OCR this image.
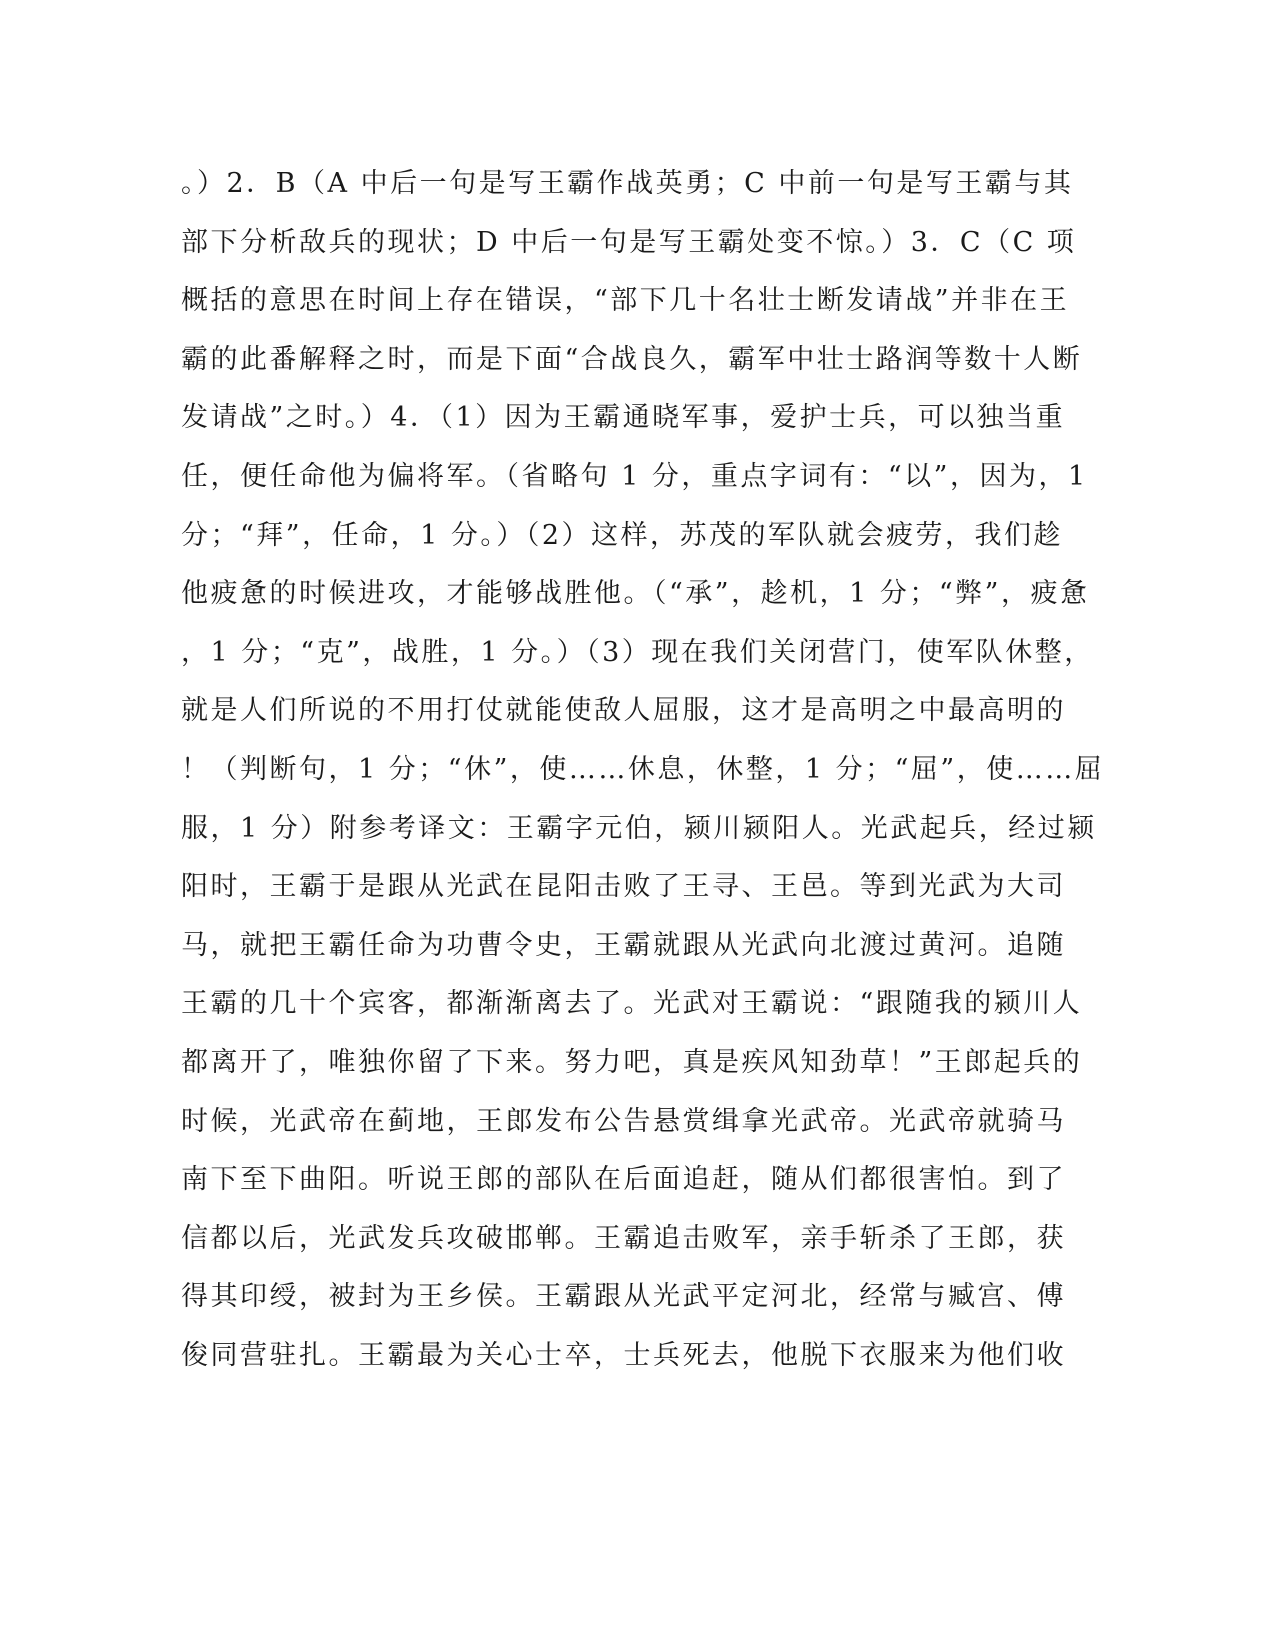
。）2．B（A 中后一句是写王霸作战英勇；C 中前一句是写王霸与其
部下分析敌兵的现状；D 中后一句是写王霸处变不惊。）3．C（C 项
概括的意思在时间上存在错误，“部下几十名壮士断发请战”并非在王
霸的此番解释之时，而是下面“合战良久，霸军中壮士路润等数十人断
发请战”之时。）4．（1）因为王霸通晓军事，爱护士兵，可以独当重
任，便任命他为偏将军。（省略句 1 分，重点字词有：“以”，因为，1
分；“拜”，任命，1 分。）（2）这样，苏茂的军队就会疲劳，我们趁
他疲惫的时候进攻，才能够战胜他。（“承”，趁机，1 分；“弊”，疲惫
，1 分；“克”，战胜，1 分。）（3）现在我们关闭营门，使军队休整，
就是人们所说的不用打仗就能使敌人屈服，这才是高明之中最高明的
！（判断句，1 分；“休”，使……休息，休整，1 分；“屈”，使……屈
服，1 分）附参考译文：王霸字元伯，颍川颍阳人。光武起兵，经过颍
阳时，王霸于是跟从光武在昆阳击败了王寻、王邑。等到光武为大司
马，就把王霸任命为功曹令史，王霸就跟从光武向北渡过黄河。追随
王霸的几十个宾客，都渐渐离去了。光武对王霸说：“跟随我的颍川人
都离开了，唯独你留了下来。努力吧，真是疾风知劲草！”王郎起兵的
时候，光武帝在蓟地，王郎发布公告悬赏缉拿光武帝。光武帝就骑马
南下至下曲阳。听说王郎的部队在后面追赶，随从们都很害怕。到了
信都以后，光武发兵攻破邯郸。王霸追击败军，亲手斩杀了王郎，获
得其印绶，被封为王乡侯。王霸跟从光武平定河北，经常与臧宫、傅
俊同营驻扎。王霸最为关心士卒，士兵死去，他脱下衣服来为他们收
